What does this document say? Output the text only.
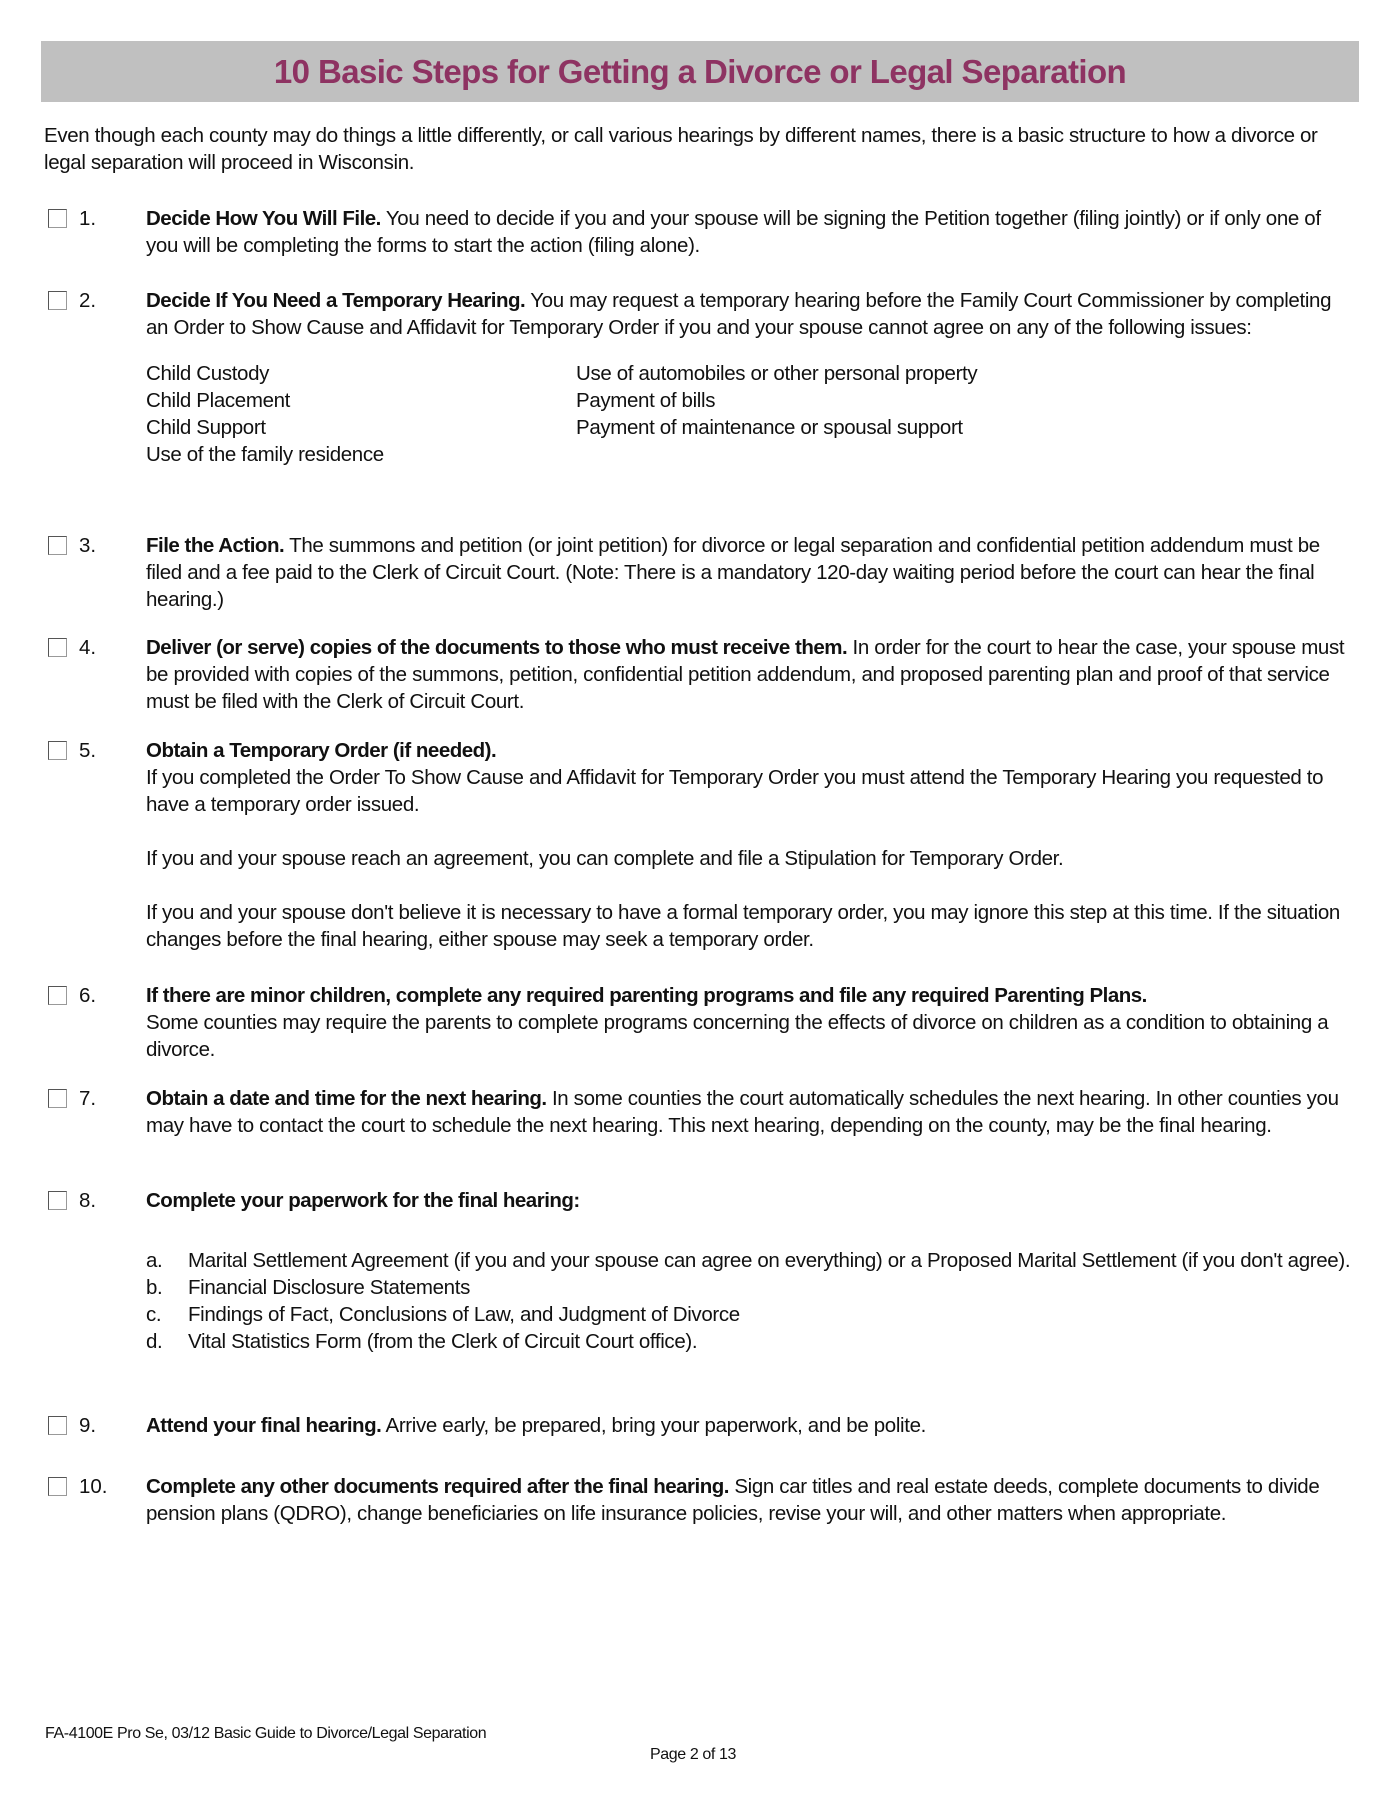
10 Basic Steps for Getting a Divorce or Legal Separation

Even though each county may do things a little differently, or call various hearings by different names, there is a basic structure to how a divorce or legal separation will proceed in Wisconsin.

1. Decide How You Will File. You need to decide if you and your spouse will be signing the Petition together (filing jointly) or if only one of you will be completing the forms to start the action (filing alone).
2. Decide If You Need a Temporary Hearing. You may request a temporary hearing before the Family Court Commissioner by completing an Order to Show Cause and Affidavit for Temporary Order if you and your spouse cannot agree on any of the following issues:
Child Custody
Child Placement
Child Support
Use of the family residence
Use of automobiles or other personal property
Payment of bills
Payment of maintenance or spousal support
3. File the Action. The summons and petition (or joint petition) for divorce or legal separation and confidential petition addendum must be filed and a fee paid to the Clerk of Circuit Court. (Note: There is a mandatory 120-day waiting period before the court can hear the final hearing.)
4. Deliver (or serve) copies of the documents to those who must receive them. In order for the court to hear the case, your spouse must be provided with copies of the summons, petition, confidential petition addendum, and proposed parenting plan and proof of that service must be filed with the Clerk of Circuit Court.
5. Obtain a Temporary Order (if needed).
If you completed the Order To Show Cause and Affidavit for Temporary Order you must attend the Temporary Hearing you requested to have a temporary order issued.
If you and your spouse reach an agreement, you can complete and file a Stipulation for Temporary Order.
If you and your spouse don't believe it is necessary to have a formal temporary order, you may ignore this step at this time. If the situation changes before the final hearing, either spouse may seek a temporary order.
6. If there are minor children, complete any required parenting programs and file any required Parenting Plans.
Some counties may require the parents to complete programs concerning the effects of divorce on children as a condition to obtaining a divorce.
7. Obtain a date and time for the next hearing. In some counties the court automatically schedules the next hearing. In other counties you may have to contact the court to schedule the next hearing. This next hearing, depending on the county, may be the final hearing.
8. Complete your paperwork for the final hearing:
a.	Marital Settlement Agreement (if you and your spouse can agree on everything) or a Proposed Marital Settlement (if you don't agree).
b.	Financial Disclosure Statements
c.	Findings of Fact, Conclusions of Law, and Judgment of Divorce
d.	Vital Statistics Form (from the Clerk of Circuit Court office).
9. Attend your final hearing. Arrive early, be prepared, bring your paperwork, and be polite.
10. Complete any other documents required after the final hearing. Sign car titles and real estate deeds, complete documents to divide pension plans (QDRO), change beneficiaries on life insurance policies, revise your will, and other matters when appropriate.
FA-4100E Pro Se, 03/12 Basic Guide to Divorce/Legal Separation
Page 2 of 13
